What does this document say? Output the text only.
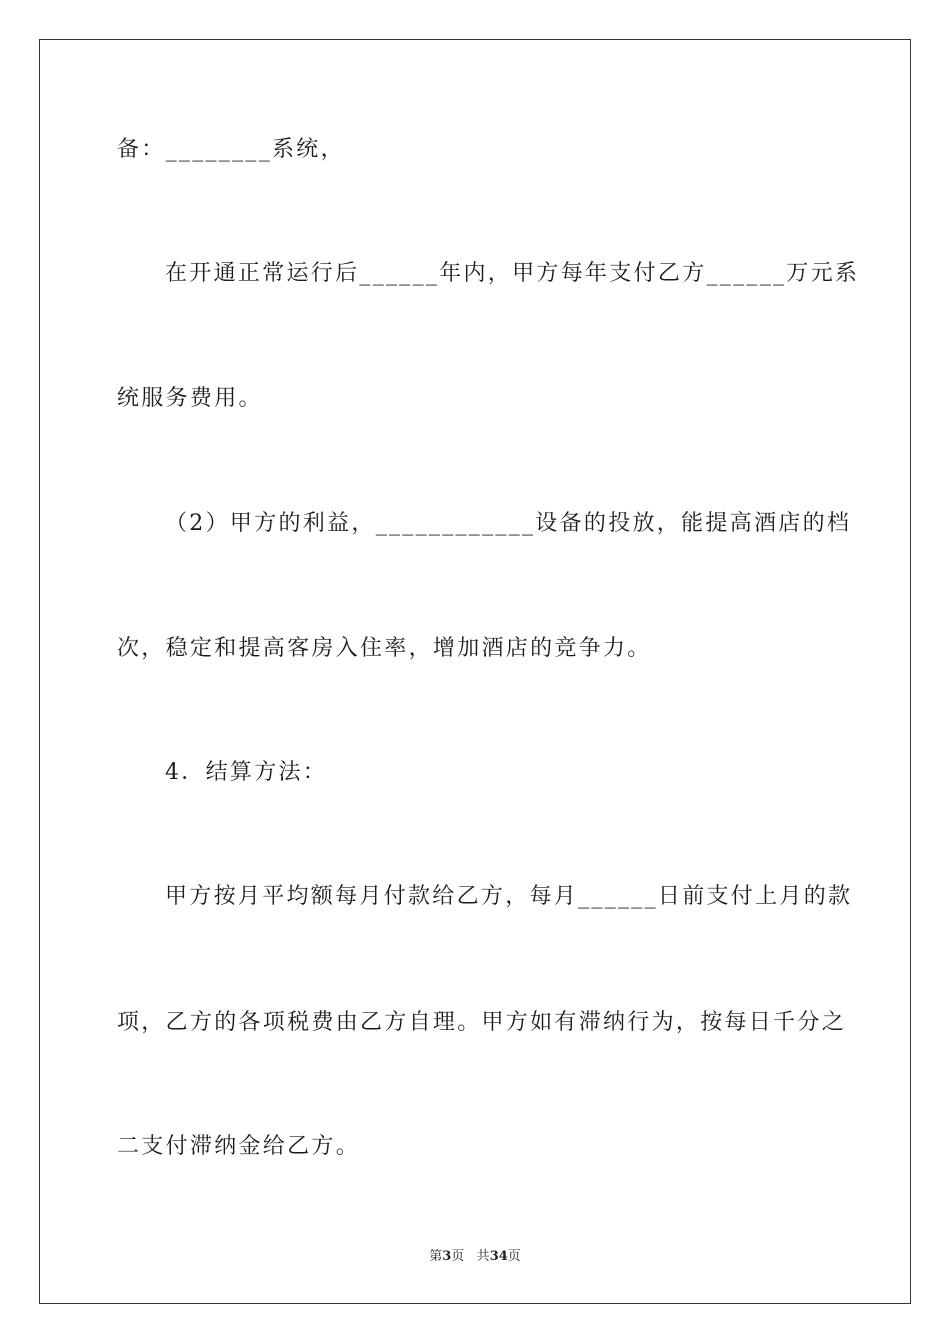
备：________系统，
在开通正常运行后______年内，甲方每年支付乙方______万元系
统服务费用。
（2）甲方的利益，____________设备的投放，能提高酒店的档
次，稳定和提高客房入住率，增加酒店的竞争力。
4．结算方法：
甲方按月平均额每月付款给乙方，每月______日前支付上月的款
项，乙方的各项税费由乙方自理。甲方如有滞纳行为，按每日千分之
二支付滞纳金给乙方。
第3页 共34页
